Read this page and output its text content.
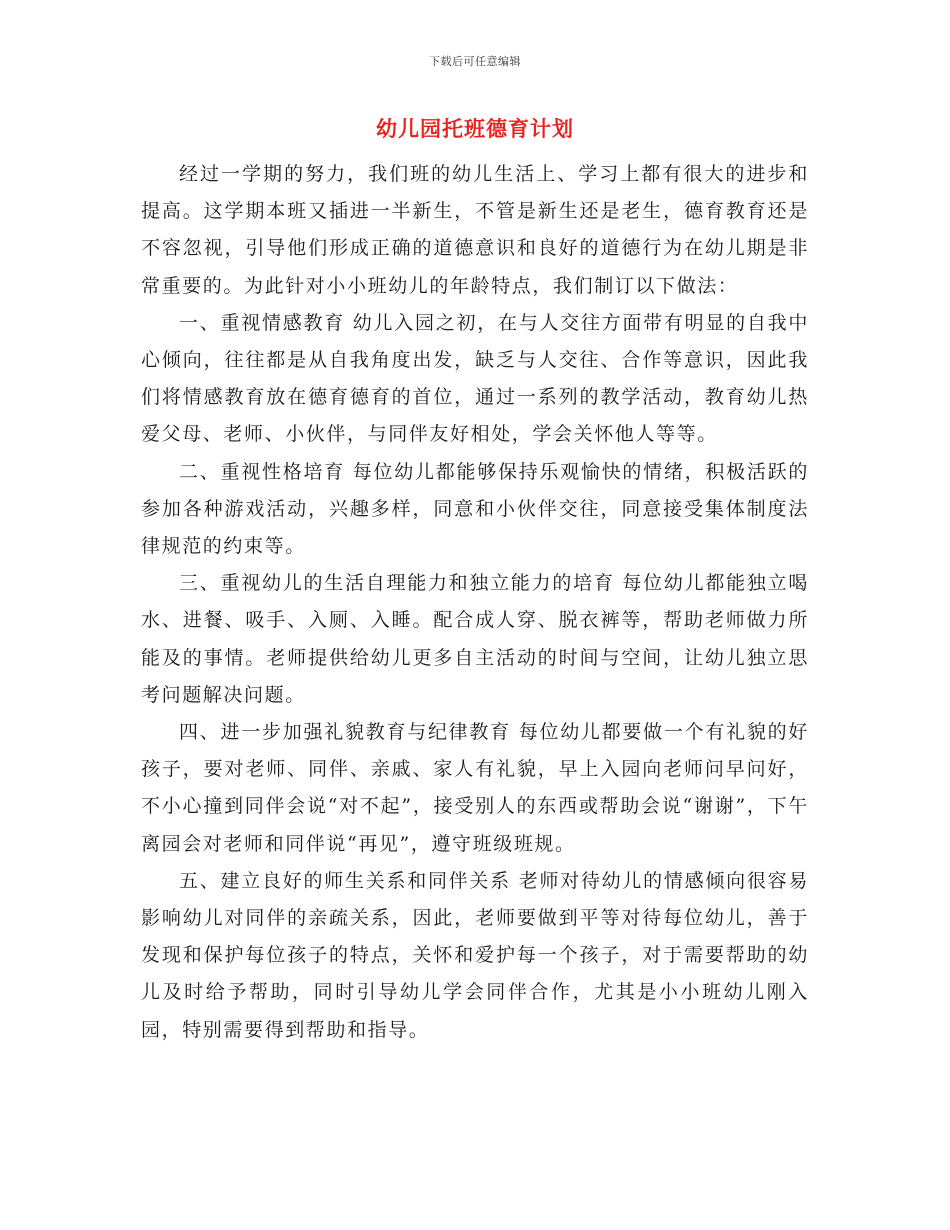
下载后可任意编辑
幼儿园托班德育计划

经过一学期的努力，我们班的幼儿生活上、学习上都有很大的进步和提高。这学期本班又插进一半新生，不管是新生还是老生，德育教育还是不容忽视，引导他们形成正确的道德意识和良好的道德行为在幼儿期是非常重要的。为此针对小小班幼儿的年龄特点，我们制订以下做法：

一、重视情感教育 幼儿入园之初，在与人交往方面带有明显的自我中心倾向，往往都是从自我角度出发，缺乏与人交往、合作等意识，因此我们将情感教育放在德育德育的首位，通过一系列的教学活动，教育幼儿热爱父母、老师、小伙伴，与同伴友好相处，学会关怀他人等等。

二、重视性格培育 每位幼儿都能够保持乐观愉快的情绪，积极活跃的参加各种游戏活动，兴趣多样，同意和小伙伴交往，同意接受集体制度法律规范的约束等。

三、重视幼儿的生活自理能力和独立能力的培育 每位幼儿都能独立喝水、进餐、吸手、入厕、入睡。配合成人穿、脱衣裤等，帮助老师做力所能及的事情。老师提供给幼儿更多自主活动的时间与空间，让幼儿独立思考问题解决问题。

四、进一步加强礼貌教育与纪律教育 每位幼儿都要做一个有礼貌的好孩子，要对老师、同伴、亲戚、家人有礼貌，早上入园向老师问早问好，不小心撞到同伴会说“对不起”，接受别人的东西或帮助会说“谢谢”，下午离园会对老师和同伴说“再见”，遵守班级班规。

五、建立良好的师生关系和同伴关系 老师对待幼儿的情感倾向很容易影响幼儿对同伴的亲疏关系，因此，老师要做到平等对待每位幼儿，善于发现和保护每位孩子的特点，关怀和爱护每一个孩子，对于需要帮助的幼儿及时给予帮助，同时引导幼儿学会同伴合作，尤其是小小班幼儿刚入园，特别需要得到帮助和指导。
